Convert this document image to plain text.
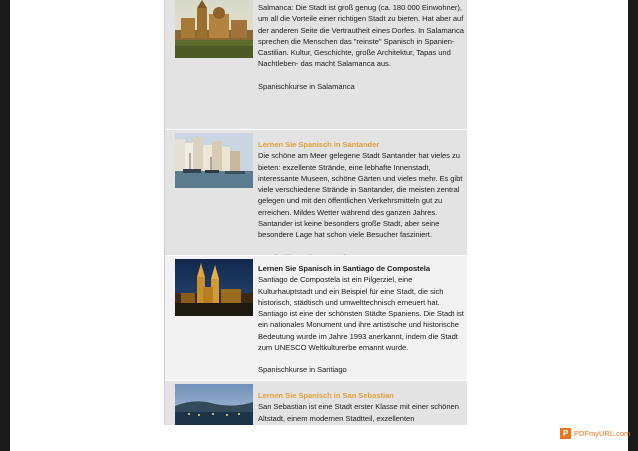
Salmanca: Die Stadt ist groß genug (ca. 180 000 Einwohner), um all die Vorteile einer richtigen Stadt zu bieten. Hat aber auf der anderen Seite die Vertrautheit eines Dorfes. In Salamanca sprechen die Menschen das "reinste" Spanisch in Spanien- Castilian. Kultur, Geschichte, große Architektur, Tapas und Nachtleben- das macht Salamanca aus.
Spanischkurse in Salamanca
Lernen Sie Spanisch in Santander
Die schöne am Meer gelegene Stadt Santander hat vieles zu bieten: exzellente Strände, eine lebhafte Innenstadt, interessante Museen, schöne Gärten und vieles mehr. Es gibt viele verschiedene Strände in Santander, die meisten zentral gelegen und mit den öffentlichen Verkehrsmitteln gut zu erreichen. Mildes Wetter während des ganzen Jahres. Santander ist keine besonders große Stadt, aber seine besondere Lage hat schon viele Besucher fasziniert.
Lernen Sie Spanisch in Santiago de Compostela
Santiago de Compostela ist ein Pilgerziel, eine Kulturhauptstadt und ein Beispiel für eine Stadt, die sich historisch, städtisch und umwelttechnisch erneuert hat. Santiago ist eine der schönsten Städte Spaniens. Die Stadt ist ein nationales Monument und ihre artistische und historische Bedeutung wurde im Jahre 1993 anerkannt, indem die Stadt zum UNESCO Weltkulturerbe emannt wurde.
Spanischkurse in Santiago
Lernen Sie Spanisch in San Sebastian
San Sebastian ist eine Stadt erster Klasse mit einer schönen Altstadt, einem modernen Stadtteil, exzellenten
P PDFmyURL.com
